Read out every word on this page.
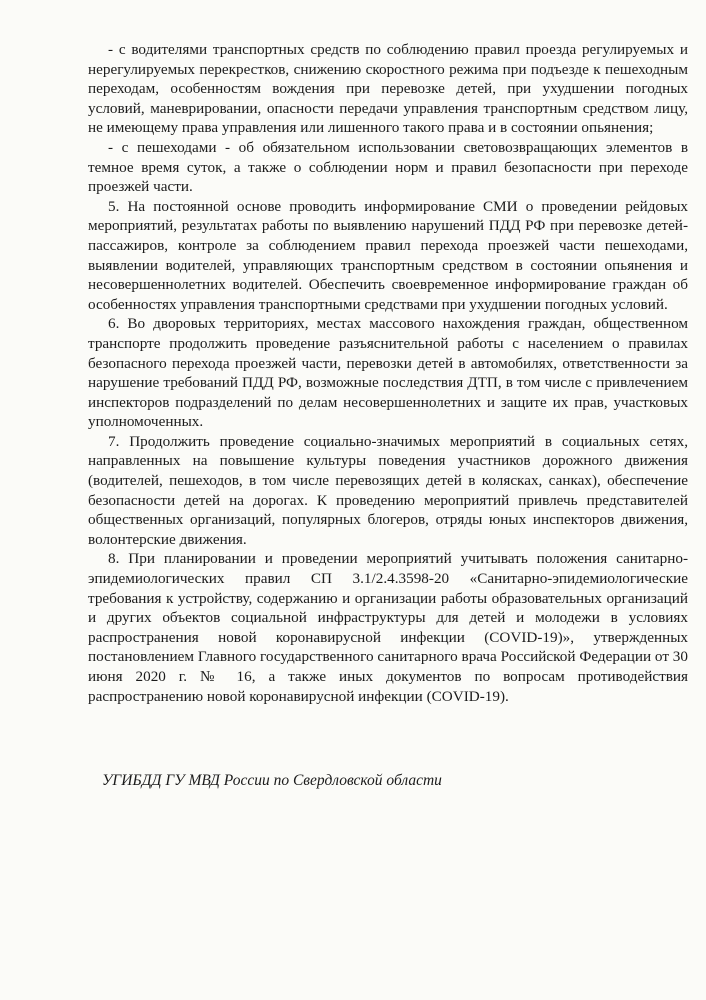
- с водителями транспортных средств по соблюдению правил проезда регулируемых и нерегулируемых перекрестков, снижению скоростного режима при подъезде к пешеходным переходам, особенностям вождения при перевозке детей, при ухудшении погодных условий, маневрировании, опасности передачи управления транспортным средством лицу, не имеющему права управления или лишенного такого права и в состоянии опьянения;

- с пешеходами - об обязательном использовании световозвращающих элементов в темное время суток, а также о соблюдении норм и правил безопасности при переходе проезжей части.

5. На постоянной основе проводить информирование СМИ о проведении рейдовых мероприятий, результатах работы по выявлению нарушений ПДД РФ при перевозке детей-пассажиров, контроле за соблюдением правил перехода проезжей части пешеходами, выявлении водителей, управляющих транспортным средством в состоянии опьянения и несовершеннолетних водителей. Обеспечить своевременное информирование граждан об особенностях управления транспортными средствами при ухудшении погодных условий.

6. Во дворовых территориях, местах массового нахождения граждан, общественном транспорте продолжить проведение разъяснительной работы с населением о правилах безопасного перехода проезжей части, перевозки детей в автомобилях, ответственности за нарушение требований ПДД РФ, возможные последствия ДТП, в том числе с привлечением инспекторов подразделений по делам несовершеннолетних и защите их прав, участковых уполномоченных.

7. Продолжить проведение социально-значимых мероприятий в социальных сетях, направленных на повышение культуры поведения участников дорожного движения (водителей, пешеходов, в том числе перевозящих детей в колясках, санках), обеспечение безопасности детей на дорогах. К проведению мероприятий привлечь представителей общественных организаций, популярных блогеров, отряды юных инспекторов движения, волонтерские движения.

8. При планировании и проведении мероприятий учитывать положения санитарно-эпидемиологических правил СП 3.1/2.4.3598-20 «Санитарно-эпидемиологические требования к устройству, содержанию и организации работы образовательных организаций и других объектов социальной инфраструктуры для детей и молодежи в условиях распространения новой коронавирусной инфекции (COVID-19)», утвержденных постановлением Главного государственного санитарного врача Российской Федерации от 30 июня 2020 г. № 16, а также иных документов по вопросам противодействия распространению новой коронавирусной инфекции (COVID-19).

УГИБДД ГУ МВД России по Свердловской области
